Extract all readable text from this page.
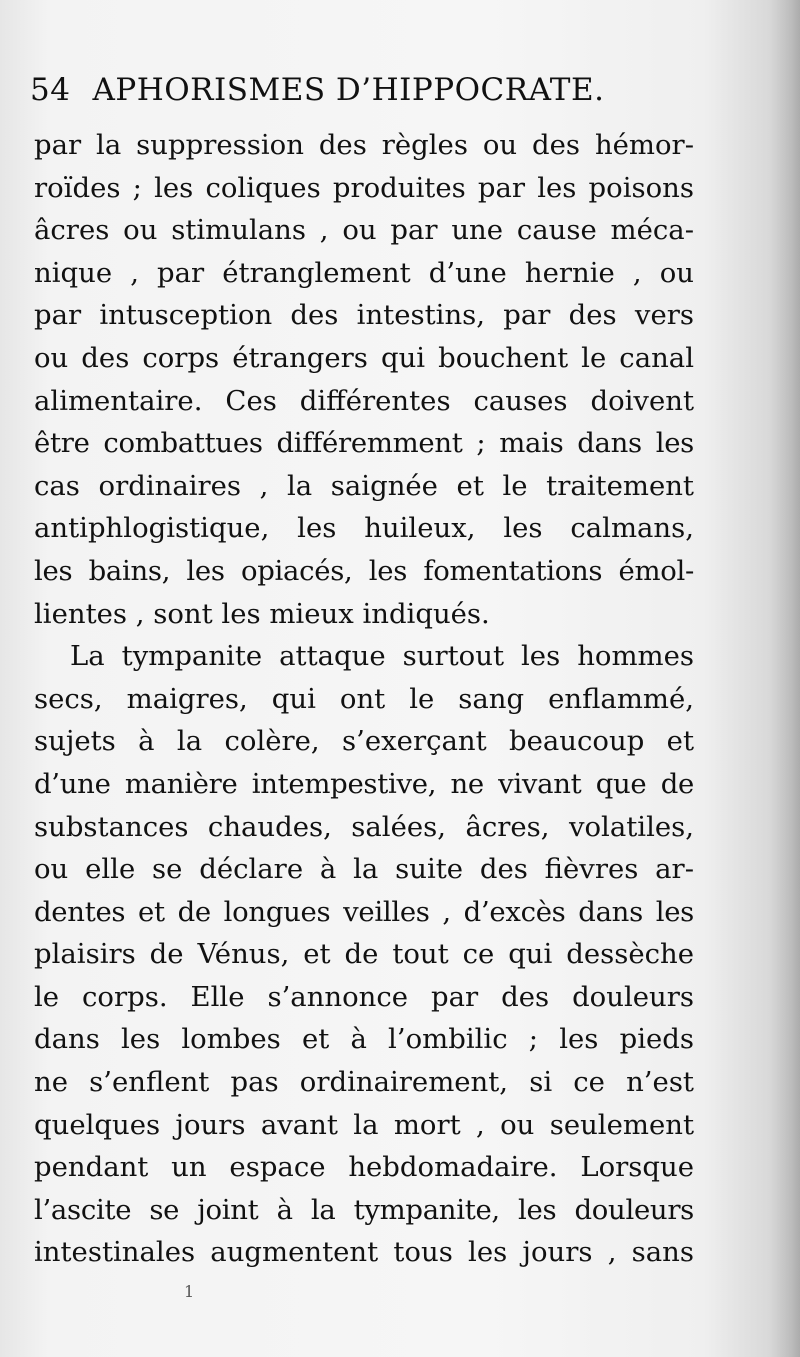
54 APHORISMES D’HIPPOCRATE.
par la suppression des règles ou des hémor-
roïdes ; les coliques produites par les poisons
âcres ou stimulans , ou par une cause méca-
nique , par étranglement d’une hernie , ou
par intusception des intestins, par des vers
ou des corps étrangers qui bouchent le canal
alimentaire. Ces différentes causes doivent
être combattues différemment ; mais dans les
cas ordinaires , la saignée et le traitement
antiphlogistique, les huileux, les calmans,
les bains, les opiacés, les fomentations émol-
lientes , sont les mieux indiqués.
La tympanite attaque surtout les hommes
secs, maigres, qui ont le sang enflammé,
sujets à la colère, s’exerçant beaucoup et
d’une manière intempestive, ne vivant que de
substances chaudes, salées, âcres, volatiles,
ou elle se déclare à la suite des fièvres ar-
dentes et de longues veilles , d’excès dans les
plaisirs de Vénus, et de tout ce qui dessèche
le corps. Elle s’annonce par des douleurs
dans les lombes et à l’ombilic ; les pieds
ne s’enflent pas ordinairement, si ce n’est
quelques jours avant la mort , ou seulement
pendant un espace hebdomadaire. Lorsque
l’ascite se joint à la tympanite, les douleurs
intestinales augmentent tous les jours , sans
1
